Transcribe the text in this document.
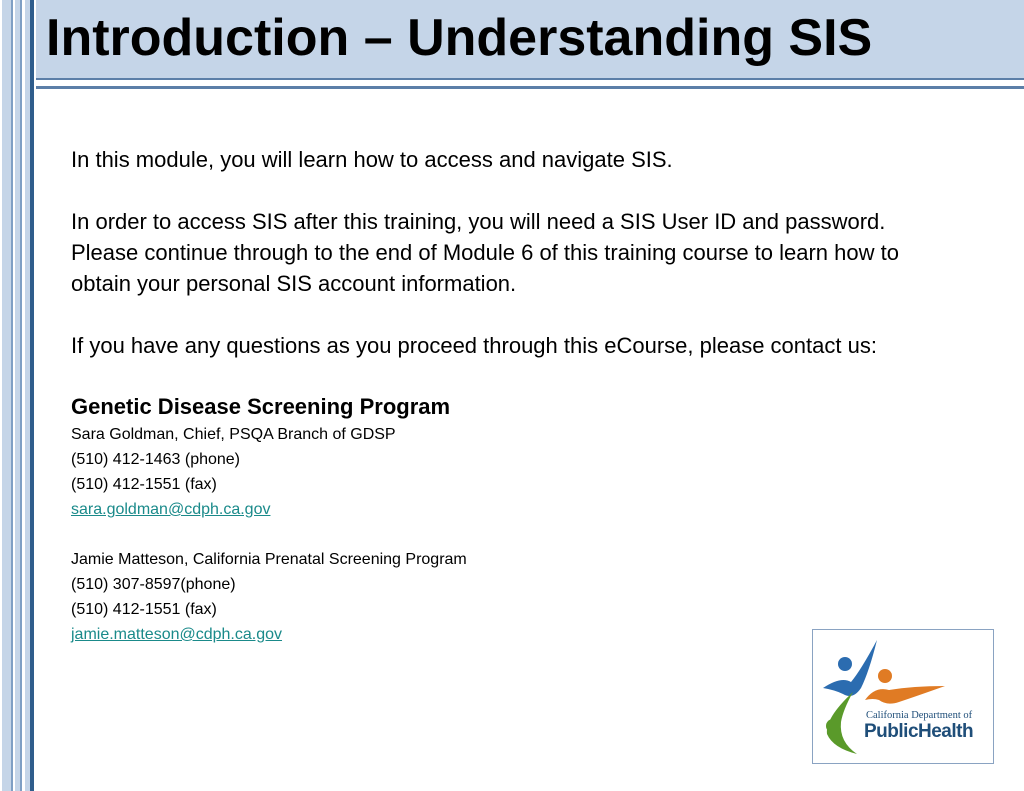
Introduction – Understanding SIS

In this module, you will learn how to access and navigate SIS.

In order to access SIS after this training, you will need a SIS User ID and password. Please continue through to the end of Module 6 of this training course to learn how to obtain your personal SIS account information.

If you have any questions as you proceed through this eCourse, please contact us:

Genetic Disease Screening Program

Sara Goldman, Chief, PSQA Branch of GDSP

(510) 412-1463 (phone)

(510) 412-1551 (fax)

sara.goldman@cdph.ca.gov

Jamie Matteson, California Prenatal Screening Program

(510) 307-8597(phone)

(510) 412-1551 (fax)

jamie.matteson@cdph.ca.gov

California Department of
PublicHealth
